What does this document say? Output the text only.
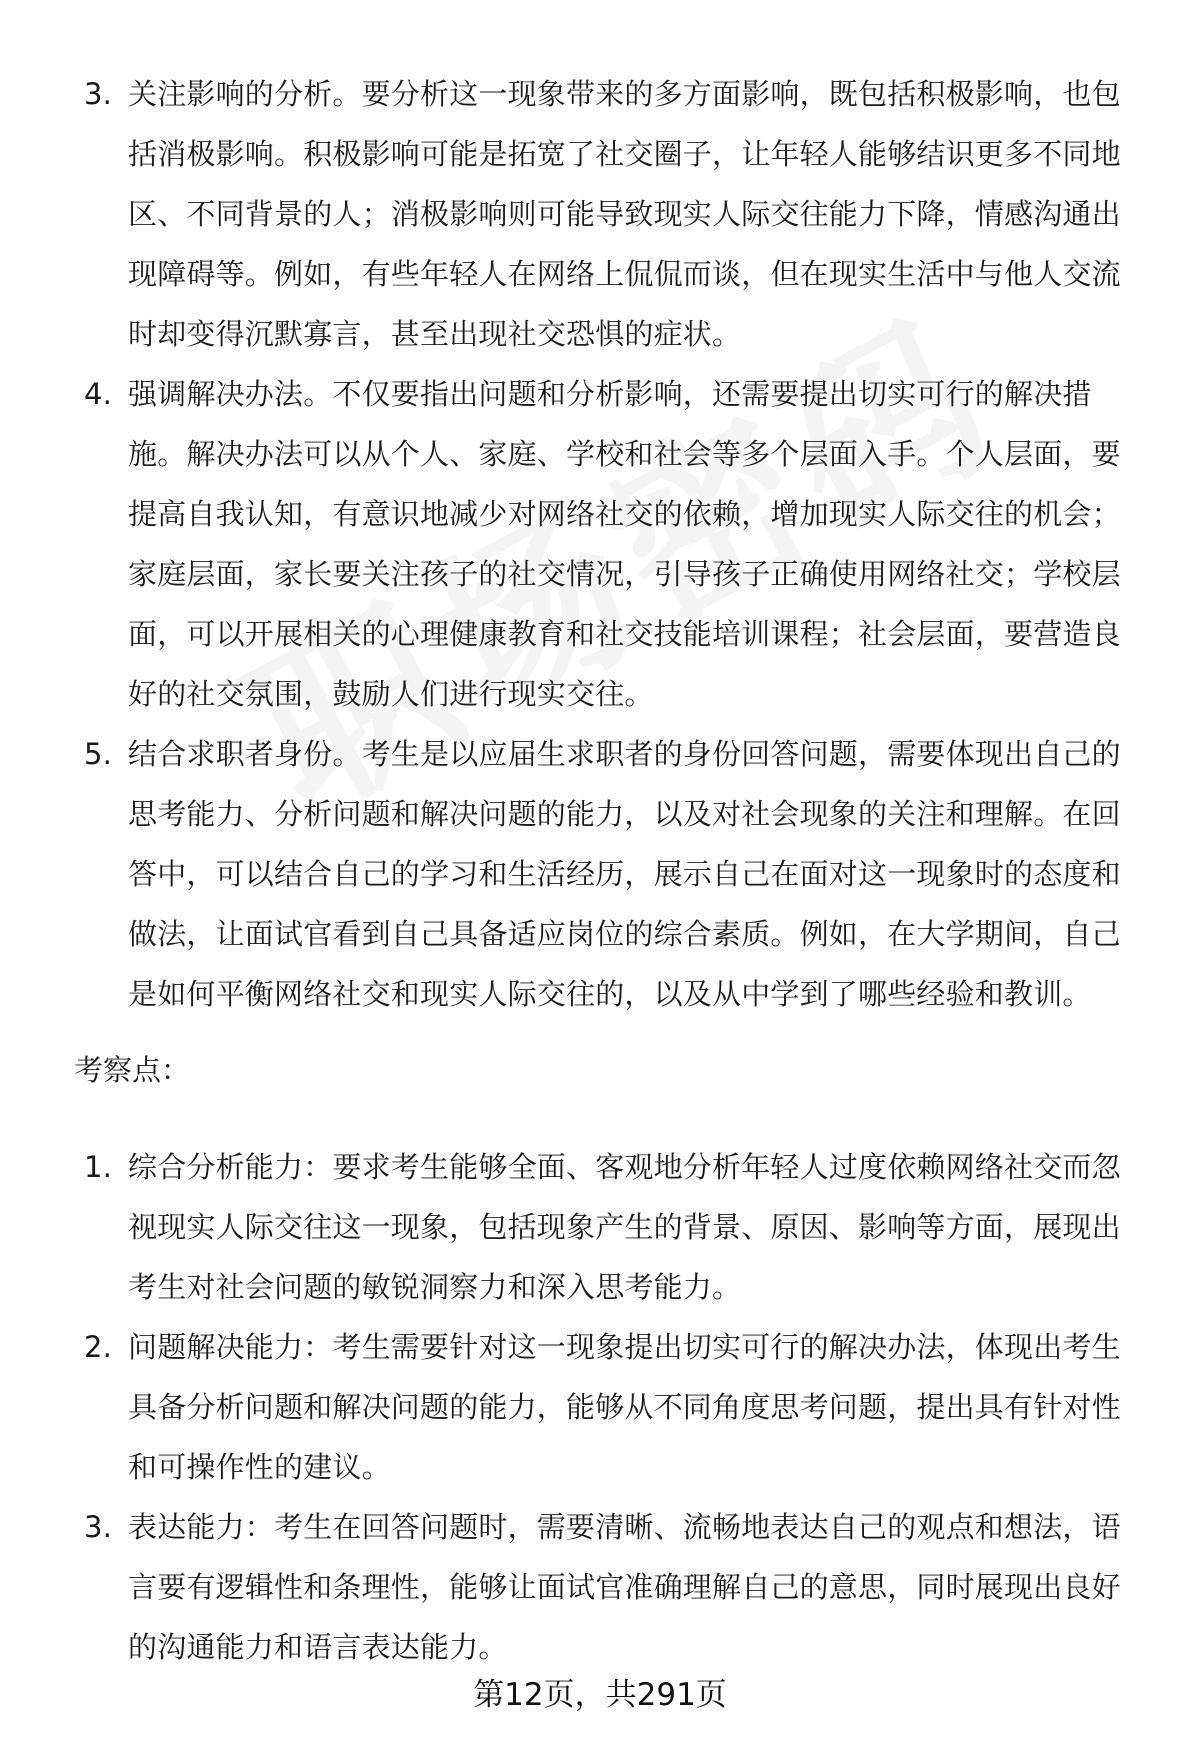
3. 关注影响的分析。要分析这一现象带来的多方面影响，既包括积极影响，也包括消极影响。积极影响可能是拓宽了社交圈子，让年轻人能够结识更多不同地区、不同背景的人；消极影响则可能导致现实人际交往能力下降，情感沟通出现障碍等。例如，有些年轻人在网络上侃侃而谈，但在现实生活中与他人交流时却变得沉默寡言，甚至出现社交恐惧的症状。
4. 强调解决办法。不仅要指出问题和分析影响，还需要提出切实可行的解决措施。解决办法可以从个人、家庭、学校和社会等多个层面入手。个人层面，要提高自我认知，有意识地减少对网络社交的依赖，增加现实人际交往的机会；家庭层面，家长要关注孩子的社交情况，引导孩子正确使用网络社交；学校层面，可以开展相关的心理健康教育和社交技能培训课程；社会层面，要营造良好的社交氛围，鼓励人们进行现实交往。
5. 结合求职者身份。考生是以应届生求职者的身份回答问题，需要体现出自己的思考能力、分析问题和解决问题的能力，以及对社会现象的关注和理解。在回答中，可以结合自己的学习和生活经历，展示自己在面对这一现象时的态度和做法，让面试官看到自己具备适应岗位的综合素质。例如，在大学期间，自己是如何平衡网络社交和现实人际交往的，以及从中学到了哪些经验和教训。
考察点：
1. 综合分析能力：要求考生能够全面、客观地分析年轻人过度依赖网络社交而忽视现实人际交往这一现象，包括现象产生的背景、原因、影响等方面，展现出考生对社会问题的敏锐洞察力和深入思考能力。
2. 问题解决能力：考生需要针对这一现象提出切实可行的解决办法，体现出考生具备分析问题和解决问题的能力，能够从不同角度思考问题，提出具有针对性和可操作性的建议。
3. 表达能力：考生在回答问题时，需要清晰、流畅地表达自己的观点和想法，语言要有逻辑性和条理性，能够让面试官准确理解自己的意思，同时展现出良好的沟通能力和语言表达能力。
第12页，共291页
